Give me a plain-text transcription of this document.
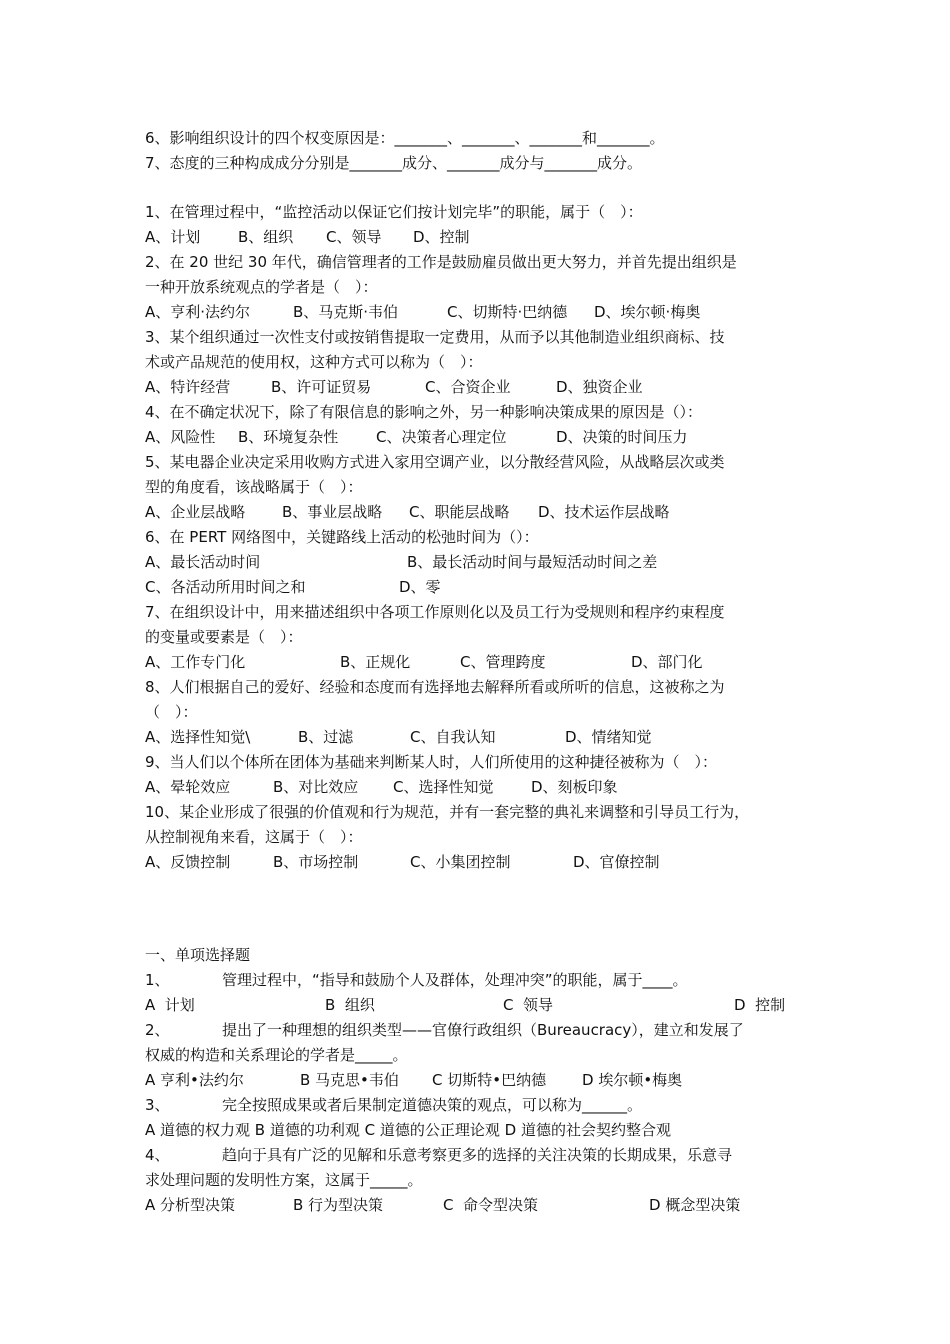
6、影响组织设计的四个权变原因是：_______、_______、_______和_______。
7、态度的三种构成成分分别是_______成分、_______成分与_______成分。
1、在管理过程中，“监控活动以保证它们按计划完毕”的职能，属于（　）：
A、计划	B、组织 C、领导 D、控制
2、在 20 世纪 30 年代，确信管理者的工作是鼓励雇员做出更大努力，并首先提出组织是
一种开放系统观点的学者是（　）：
A、亨利·法约尔	B、马克斯·韦伯	C、切斯特·巴纳德 D、埃尔顿·梅奥
3、某个组织通过一次性支付或按销售提取一定费用，从而予以其他制造业组织商标、技
术或产品规范的使用权，这种方式可以称为（　）：
A、特许经营	B、许可证贸易	C、合资企业	D、独资企业
4、在不确定状况下，除了有限信息的影响之外，另一种影响决策成果的原因是（）：
A、风险性 B、环境复杂性	C、决策者心理定位	D、决策的时间压力
5、某电器企业决定采用收购方式进入家用空调产业，以分散经营风险，从战略层次或类
型的角度看，该战略属于（　）：
A、企业层战略 B、事业层战略 C、职能层战略 D、技术运作层战略
6、在 PERT 网络图中，关键路线上活动的松弛时间为（）：
A、最长活动时间	B、最长活动时间与最短活动时间之差
C、各活动所用时间之和	D、零
7、在组织设计中，用来描述组织中各项工作原则化以及员工行为受规则和程序约束程度
的变量或要素是（　）：
A、工作专门化	B、正规化	C、管理跨度	D、部门化
8、人们根据自己的爱好、经验和态度而有选择地去解释所看或所听的信息，这被称之为
（　）：
A、选择性知觉\	B、过滤	C、自我认知	D、情绪知觉
9、当人们以个体所在团体为基础来判断某人时，人们所使用的这种捷径被称为（　）：
A、晕轮效应	B、对比效应 C、选择性知觉	D、刻板印象
10、某企业形成了很强的价值观和行为规范，并有一套完整的典礼来调整和引导员工行为，
从控制视角来看，这属于（　）：
A、反馈控制	B、市场控制	C、小集团控制	D、官僚控制
一、单项选择题
1、	管理过程中，“指导和鼓励个人及群体，处理冲突”的职能，属于____。
A  计划	B  组织	C  领导	D  控制
2、	提出了一种理想的组织类型——官僚行政组织（Bureaucracy），建立和发展了
权威的构造和关系理论的学者是_____。
A 亨利•法约尔	B 马克思•韦伯 C 切斯特•巴纳德 D 埃尔顿•梅奥
3、	完全按照成果或者后果制定道德决策的观点，可以称为______。
A 道德的权力观 B 道德的功利观 C 道德的公正理论观 D 道德的社会契约整合观
4、	趋向于具有广泛的见解和乐意考察更多的选择的关注决策的长期成果，乐意寻
求处理问题的发明性方案，这属于_____。
A 分析型决策	B 行为型决策	C  命令型决策	D 概念型决策
